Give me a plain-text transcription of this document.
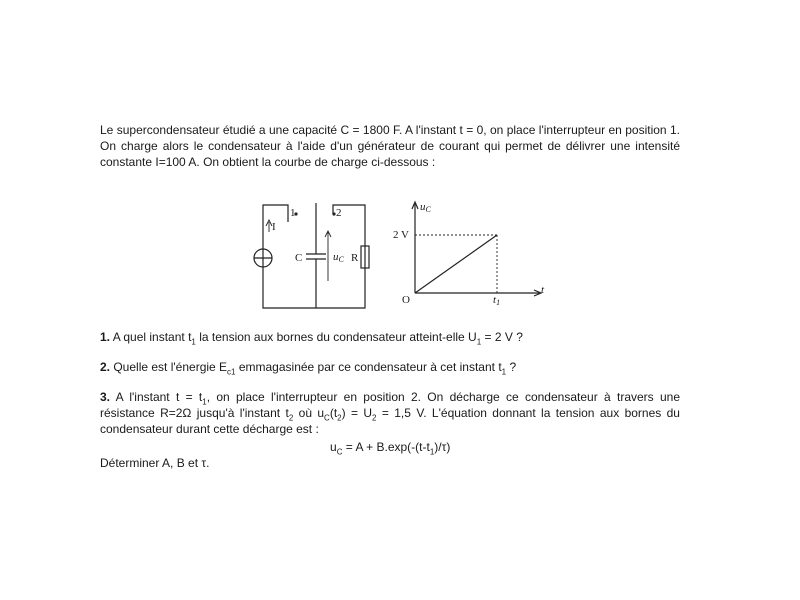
Le supercondensateur étudié a une capacité C = 1800 F. A l'instant t = 0, on place l'interrupteur en position 1. On charge alors le condensateur à l'aide d'un générateur de courant qui permet de délivrer une intensité constante I=100 A. On obtient la courbe de charge ci-dessous :

1	2
I
C	uC R
uC
2 V
O	t1
t

1. A quel instant $t_1$ la tension aux bornes du condensateur atteint-elle $U_1 = 2$ V ?

2. Quelle est l'énergie $E_{c1}$ emmagasinée par ce condensateur à cet instant $t_1$ ?

3. A l'instant $t = t_1$, on place l'interrupteur en position 2. On décharge ce condensateur à travers une résistance R=2Ω jusqu'à l'instant $t_2$ où $u_C(t_2) = U_2 = 1,5$ V. L'équation donnant la tension aux bornes du condensateur durant cette décharge est :

$u_C = A + B.\exp(-(t-t_1)/\tau)$
Déterminer A, B et τ.
